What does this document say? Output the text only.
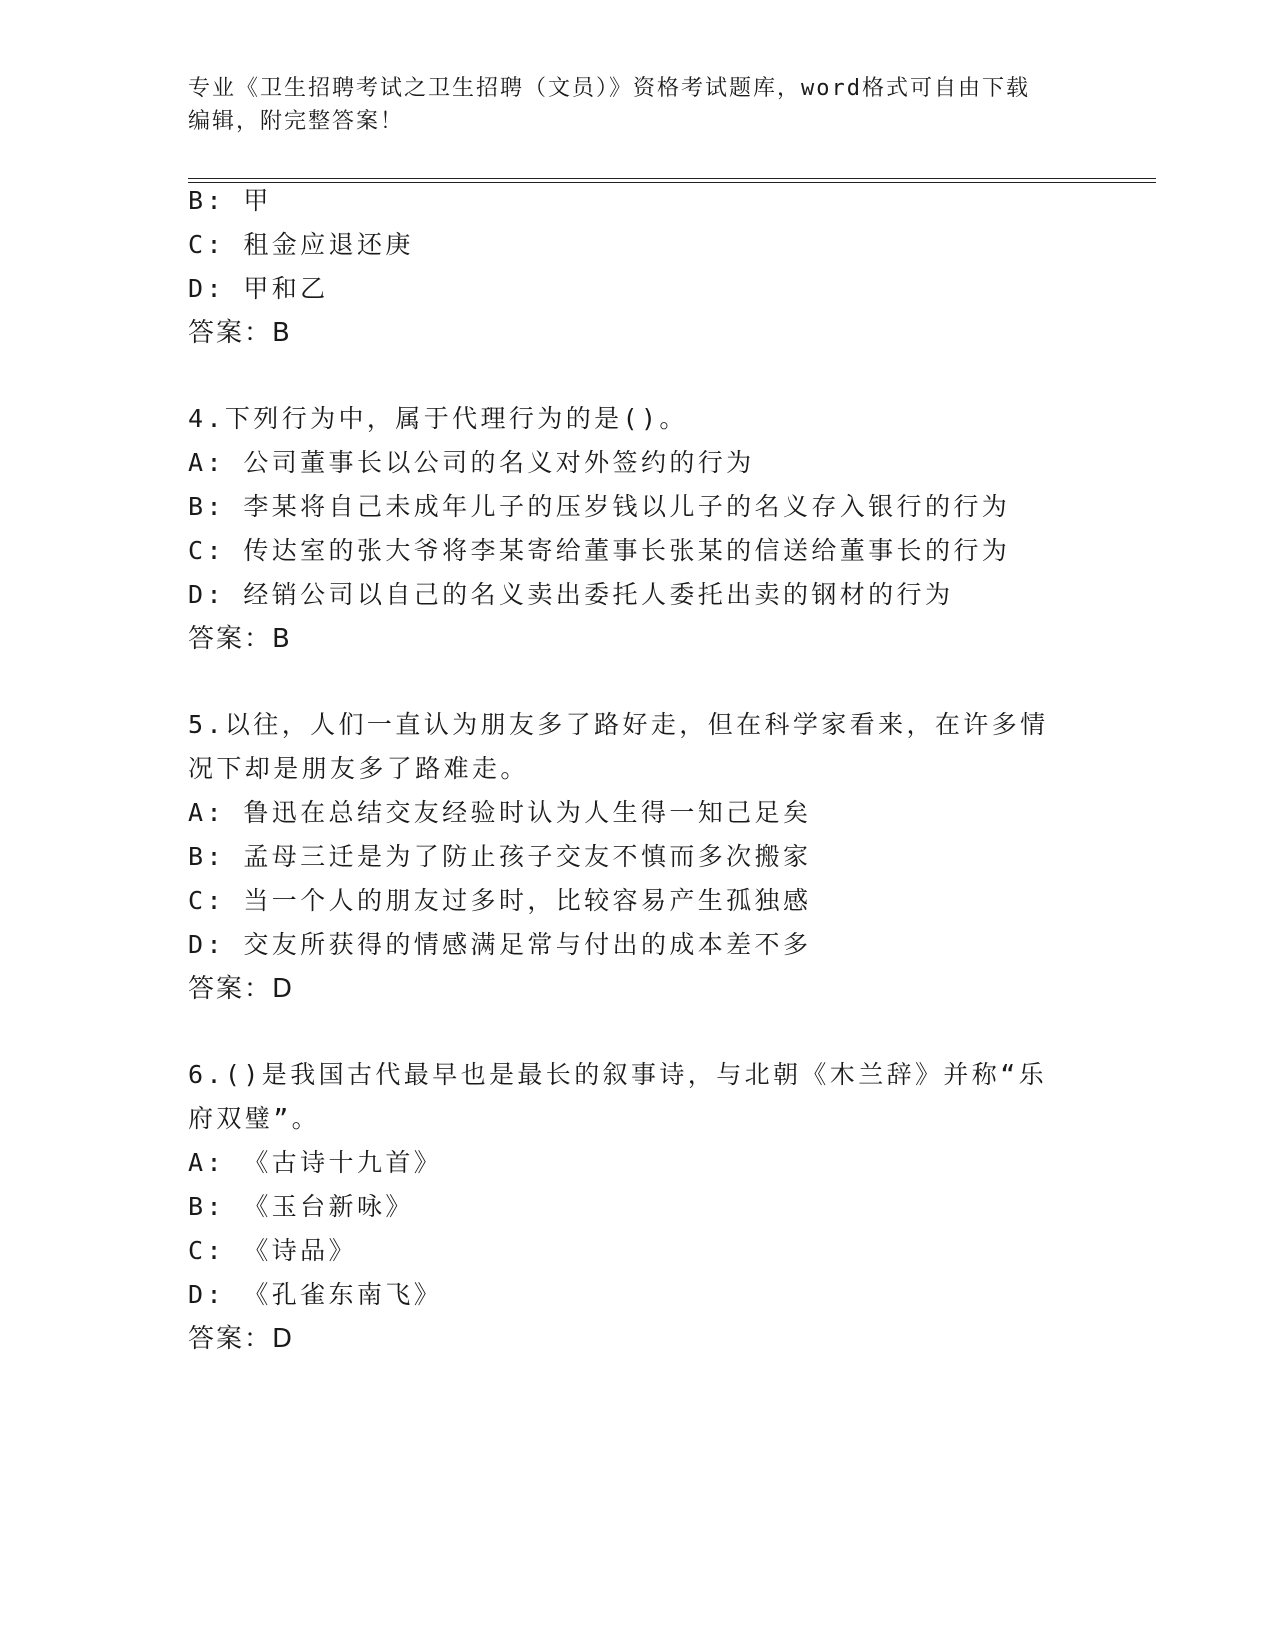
专业《卫生招聘考试之卫生招聘（文员）》资格考试题库，word格式可自由下载
编辑，附完整答案！
B: 甲
C: 租金应退还庚
D: 甲和乙
答案：B
4.下列行为中，属于代理行为的是()。
A: 公司董事长以公司的名义对外签约的行为
B: 李某将自己未成年儿子的压岁钱以儿子的名义存入银行的行为
C: 传达室的张大爷将李某寄给董事长张某的信送给董事长的行为
D: 经销公司以自己的名义卖出委托人委托出卖的钢材的行为
答案：B
5.以往，人们一直认为朋友多了路好走，但在科学家看来，在许多情
况下却是朋友多了路难走。
A: 鲁迅在总结交友经验时认为人生得一知己足矣
B: 孟母三迁是为了防止孩子交友不慎而多次搬家
C: 当一个人的朋友过多时，比较容易产生孤独感
D: 交友所获得的情感满足常与付出的成本差不多
答案：D
6.()是我国古代最早也是最长的叙事诗，与北朝《木兰辞》并称“乐
府双璧”。
A: 《古诗十九首》
B: 《玉台新咏》
C: 《诗品》
D: 《孔雀东南飞》
答案：D
